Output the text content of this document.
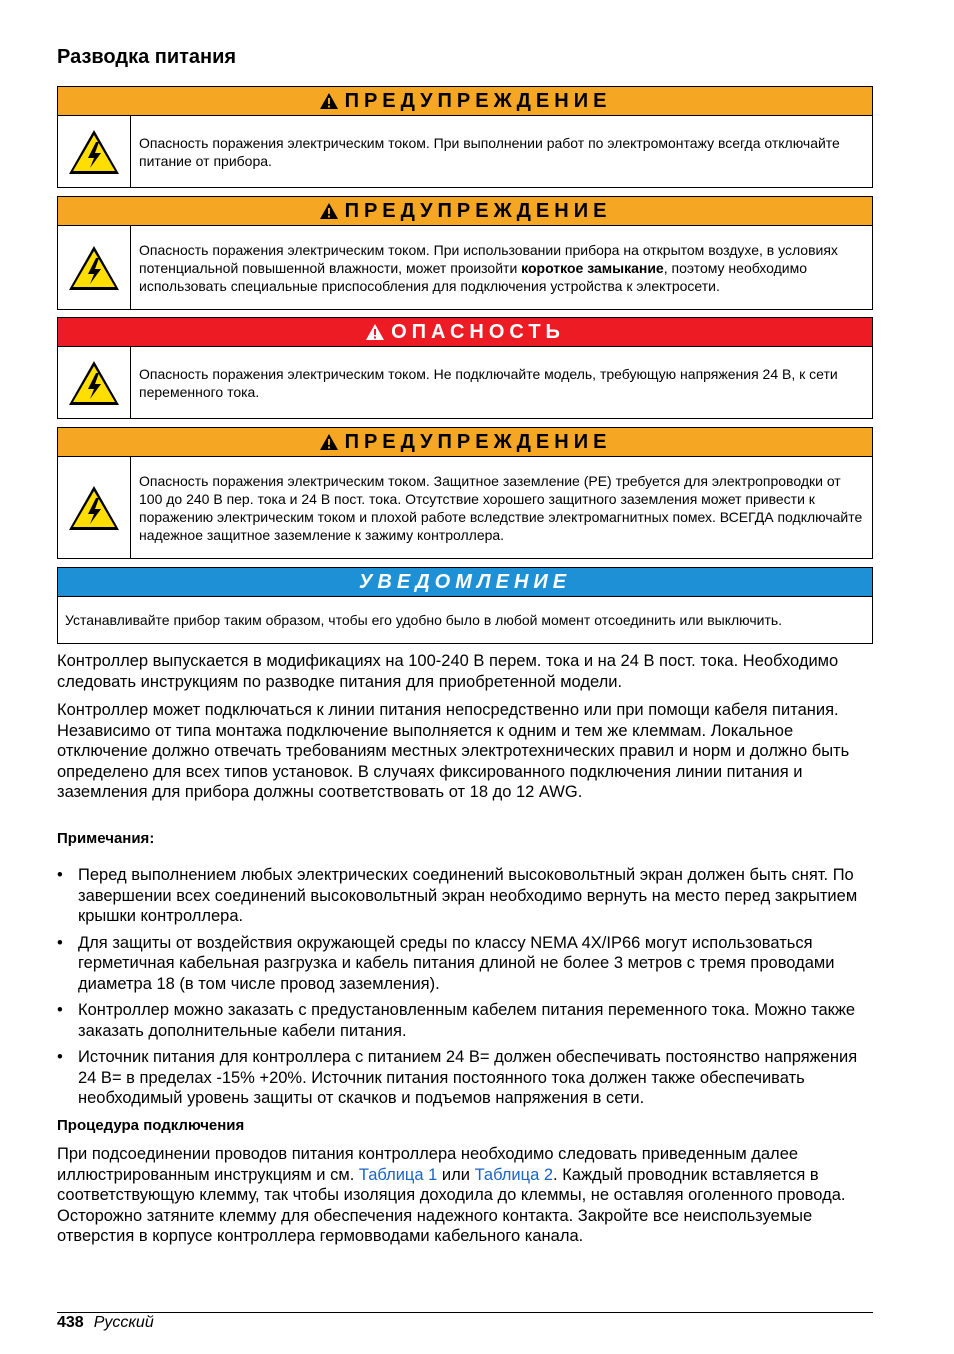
Разводка питания
ПРЕДУПРЕЖДЕНИЕ
Опасность поражения электрическим током. При выполнении работ по электромонтажу всегда отключайте питание от прибора.
ПРЕДУПРЕЖДЕНИЕ
Опасность поражения электрическим током. При использовании прибора на открытом воздухе, в условиях потенциальной повышенной влажности, может произойти короткое замыкание, поэтому необходимо использовать специальные приспособления для подключения устройства к электросети.
ОПАСНОСТЬ
Опасность поражения электрическим током. Не подключайте модель, требующую напряжения 24 В, к сети переменного тока.
ПРЕДУПРЕЖДЕНИЕ
Опасность поражения электрическим током. Защитное заземление (PE) требуется для электропроводки от 100 до 240 В пер. тока и 24 В пост. тока. Отсутствие хорошего защитного заземления может привести к поражению электрическим током и плохой работе вследствие электромагнитных помех. ВСЕГДА подключайте надежное защитное заземление к зажиму контроллера.
УВЕДОМЛЕНИЕ
Устанавливайте прибор таким образом, чтобы его удобно было в любой момент отсоединить или выключить.

Контроллер выпускается в модификациях на 100-240 В перем. тока и на 24 В пост. тока. Необходимо следовать инструкциям по разводке питания для приобретенной модели.

Контроллер может подключаться к линии питания непосредственно или при помощи кабеля питания. Независимо от типа монтажа подключение выполняется к одним и тем же клеммам. Локальное отключение должно отвечать требованиям местных электротехнических правил и норм и должно быть определено для всех типов установок. В случаях фиксированного подключения линии питания и заземления для прибора должны соответствовать от 18 до 12 AWG.

Примечания:

• Перед выполнением любых электрических соединений высоковольтный экран должен быть снят. По завершении всех соединений высоковольтный экран необходимо вернуть на место перед закрытием крышки контроллера.
• Для защиты от воздействия окружающей среды по классу NEMA 4X/IP66 могут использоваться герметичная кабельная разгрузка и кабель питания длиной не более 3 метров с тремя проводами диаметра 18 (в том числе провод заземления).
• Контроллер можно заказать с предустановленным кабелем питания переменного тока. Можно также заказать дополнительные кабели питания.
• Источник питания для контроллера с питанием 24 В= должен обеспечивать постоянство напряжения 24 В= в пределах -15% +20%. Источник питания постоянного тока должен также обеспечивать необходимый уровень защиты от скачков и подъемов напряжения в сети.

Процедура подключения

При подсоединении проводов питания контроллера необходимо следовать приведенным далее иллюстрированным инструкциям и см. Таблица 1 или Таблица 2. Каждый проводник вставляется в соответствующую клемму, так чтобы изоляция доходила до клеммы, не оставляя оголенного провода. Осторожно затяните клемму для обеспечения надежного контакта. Закройте все неиспользуемые отверстия в корпусе контроллера гермовводами кабельного канала.

438 Русский
